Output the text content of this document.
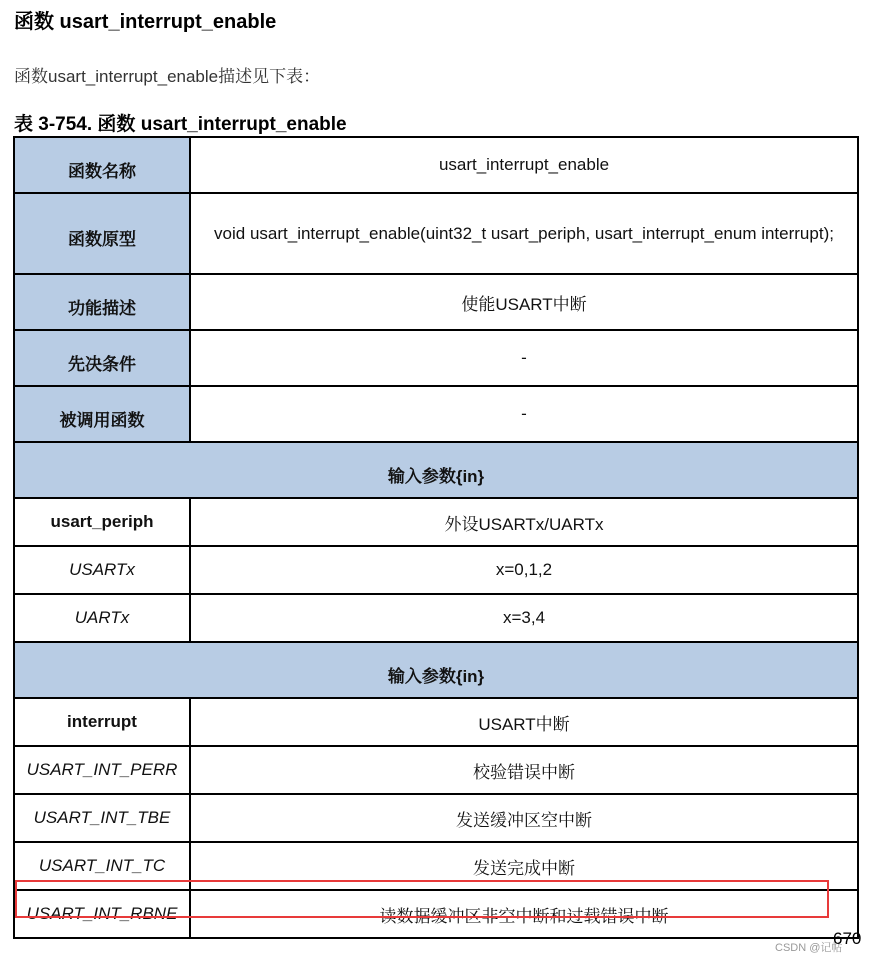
函数 usart_interrupt_enable
函数usart_interrupt_enable描述见下表：
表 3-754. 函数 usart_interrupt_enable
函数名称	usart_interrupt_enable
函数原型	void usart_interrupt_enable(uint32_t usart_periph, usart_interrupt_enum interrupt);
功能描述	使能USART中断
先决条件	-
被调用函数	-
输入参数{in}	
usart_periph	外设USARTx/UARTx
USARTx	x=0,1,2
UARTx	x=3,4
输入参数{in}	
interrupt	USART中断
USART_INT_PERR	校验错误中断
USART_INT_TBE	发送缓冲区空中断
USART_INT_TC	发送完成中断
USART_INT_RBNE	读数据缓冲区非空中断和过载错误中断
CSDN @记帖
670
